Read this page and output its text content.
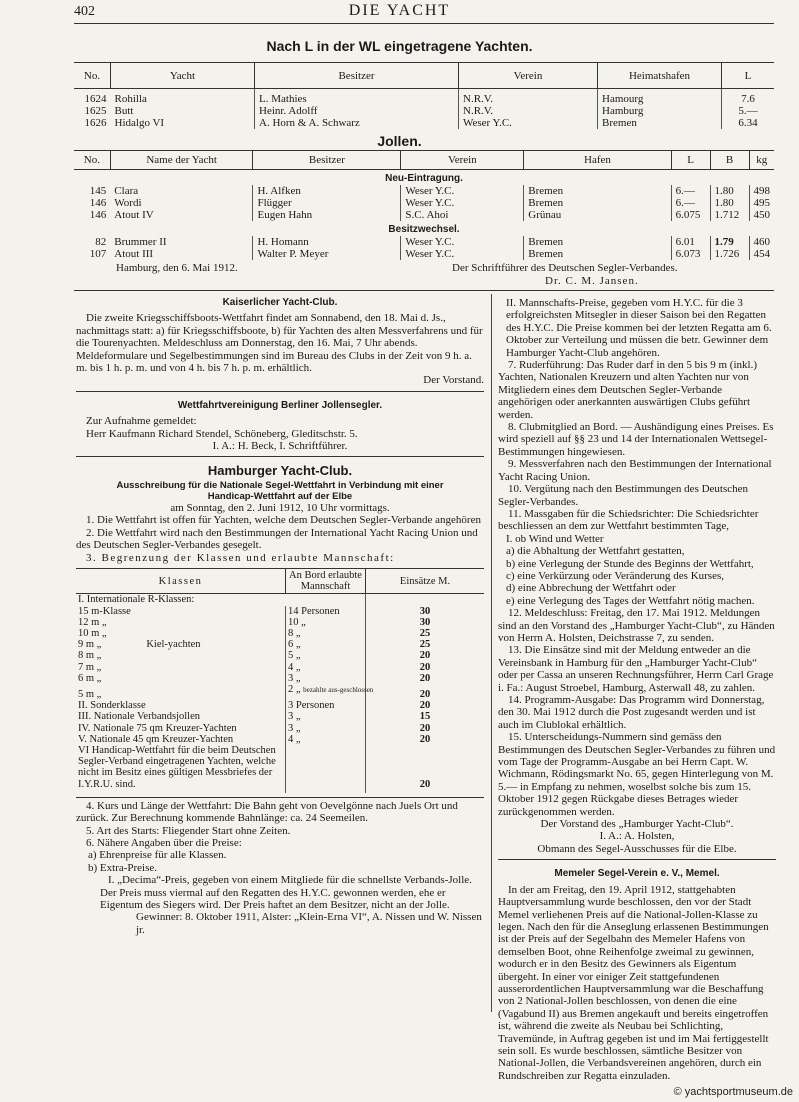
402	DIE YACHT
Nach L in der WL eingetragene Yachten.
No.	Yacht	Besitzer	Verein	Heimatshafen	L

1624	Rohilla	L. Mathies	N.R.V.	Hamourg	7.6
1625	Butt	Heinr. Adolff	N.R.V.	Hamburg	5.—
1626	Hidalgo VI	A. Horn & A. Schwarz	Weser Y.C.	Bremen	6.34
Jollen.
No.	Name der Yacht	Besitzer	Verein	Hafen	L	B	kg
Neu-Eintragung.							
145	Clara	H. Alfken	Weser Y.C.	Bremen	6.—	1.80	498
146	Wordi	Flügger	Weser Y.C.	Bremen	6.—	1.80	495
146	Atout IV	Eugen Hahn	S.C. Ahoi	Grünau	6.075	1.712	450
Besitzwechsel.							
82	Brummer II	H. Homann	Weser Y.C.	Bremen	6.01	1.79	460
107	Atout III	Walter P. Meyer	Weser Y.C.	Bremen	6.073	1.726	454
Hamburg, den 6. Mai 1912.	Der Schriftführer des Deutschen Segler-Verbandes.
Dr. C. M. Jansen.
Kaiserlicher Yacht-Club.

Die zweite Kriegsschiffsboots-Wettfahrt findet am Sonnabend, den 18. Mai d. Js., nachmittags statt: a) für Kriegsschiffsboote, b) für Yachten des alten Messverfahrens und für die Tourenyachten. Meldeschluss am Donnerstag, den 16. Mai, 7 Uhr abends. Meldeformulare und Segelbestimmungen sind im Bureau des Clubs in der Zeit von 9 h. a. m. bis 1 h. p. m. und von 4 h. bis 7 h. p. m. erhältlich.

Der Vorstand.

Wettfahrtvereinigung Berliner Jollensegler.

Zur Aufnahme gemeldet:

Herr Kaufmann Richard Stendel, Schöneberg, Gleditschstr. 5.

I. A.: H. Beck, I. Schriftführer.

Hamburger Yacht-Club.

Ausschreibung für die Nationale Segel-Wettfahrt in Verbindung mit einer Handicap-Wettfahrt auf der Elbe

am Sonntag, den 2. Juni 1912, 10 Uhr vormittags.

1. Die Wettfahrt ist offen für Yachten, welche dem Deutschen Segler-Verbande angehören

2. Die Wettfahrt wird nach den Bestimmungen der International Yacht Racing Union und des Deutschen Segler-Verbandes gesegelt.

3. Begrenzung der Klassen und erlaubte Mannschaft:

Klassen	An Bord erlaubte Mannschaft	Einsätze M.
I. Internationale R-Klassen:		
15 m-Klasse	14 Personen	30
12 m „	10 „	30
10 m „	8 „	25
9 m „ Kiel-yachten	6 „	25
8 m „	5 „	20
7 m „	4 „	20
6 m „	3 „	20
5 m „	2 „ bezahlte aus-geschlossen	20
II. Sonderklasse	3 Personen	20
III. Nationale Verbandsjollen	3 „	15
IV. Nationale 75 qm Kreuzer-Yachten	3 „	20
V. Nationale 45 qm Kreuzer-Yachten	4 „	20
VI Handicap-Wettfahrt für die beim Deutschen Segler-Verband eingetragenen Yachten, welche nicht im Besitz eines gültigen Messbriefes der I.Y.R.U. sind.		20

4. Kurs und Länge der Wettfahrt: Die Bahn geht von Oevelgönne nach Juels Ort und zurück. Zur Berechnung kommende Bahnlänge: ca. 24 Seemeilen.

5. Art des Starts: Fliegender Start ohne Zeiten.

6. Nähere Angaben über die Preise:

a) Ehrenpreise für alle Klassen.

b) Extra-Preise.

I. „Decima“-Preis, gegeben von einem Mitgliede für die schnellste Verbands-Jolle. Der Preis muss viermal auf den Regatten des H.Y.C. gewonnen werden, ehe er Eigentum des Siegers wird. Der Preis haftet an dem Besitzer, nicht an der Jolle.

Gewinner: 8. Oktober 1911, Alster: „Klein-Erna VI“, A. Nissen und W. Nissen jr.

II. Mannschafts-Preise, gegeben vom H.Y.C. für die 3 erfolgreichsten Mitsegler in dieser Saison bei den Regatten des H.Y.C. Die Preise kommen bei der letzten Regatta am 6. Oktober zur Verteilung und müssen die betr. Gewinner dem Hamburger Yacht-Club angehören.

7. Ruderführung: Das Ruder darf in den 5 bis 9 m (inkl.) Yachten, Nationalen Kreuzern und alten Yachten nur von Mitgliedern eines dem Deutschen Segler-Verbande angehörigen oder anerkannten auswärtigen Clubs geführt werden.

8. Clubmitglied an Bord. — Aushändigung eines Preises. Es wird speziell auf §§ 23 und 14 der Internationalen Wettsegel-Bestimmungen hingewiesen.

9. Messverfahren nach den Bestimmungen der International Yacht Racing Union.

10. Vergütung nach den Bestimmungen des Deutschen Segler-Verbandes.

11. Massgaben für die Schiedsrichter: Die Schiedsrichter beschliessen an dem zur Wettfahrt bestimmten Tage,

I. ob Wind und Wetter

a) die Abhaltung der Wettfahrt gestatten,

b) eine Verlegung der Stunde des Beginns der Wettfahrt,

c) eine Verkürzung oder Veränderung des Kurses,

d) eine Abbrechung der Wettfahrt oder

e) eine Verlegung des Tages der Wettfahrt nötig machen.

12. Meldeschluss: Freitag, den 17. Mai 1912. Meldungen sind an den Vorstand des „Hamburger Yacht-Club“, zu Händen von Herrn A. Holsten, Deichstrasse 7, zu senden.

13. Die Einsätze sind mit der Meldung entweder an die Vereinsbank in Hamburg für den „Hamburger Yacht-Club“ oder per Cassa an unseren Rechnungsführer, Herrn Carl Grage i. Fa.: August Stroebel, Hamburg, Asterwall 48, zu zahlen.

14. Programm-Ausgabe: Das Programm wird Donnerstag, den 30. Mai 1912 durch die Post zugesandt werden und ist auch im Clublokal erhältlich.

15. Unterscheidungs-Nummern sind gemäss den Bestimmungen des Deutschen Segler-Verbandes zu führen und vom Tage der Programm-Ausgabe an bei Herrn Capt. W. Wichmann, Rödingsmarkt No. 65, gegen Hinterlegung von M. 5.— in Empfang zu nehmen, woselbst solche bis zum 15. Oktober 1912 gegen Rückgabe dieses Betrages wieder zurückgenommen werden.

Der Vorstand des „Hamburger Yacht-Club“.

I. A.: A. Holsten,

Obmann des Segel-Ausschusses für die Elbe.

Memeler Segel-Verein e. V., Memel.

In der am Freitag, den 19. April 1912, stattgehabten Hauptversammlung wurde beschlossen, den vor der Stadt Memel verliehenen Preis auf die National-Jollen-Klasse zu legen. Nach den für die Anseglung erlassenen Bestimmungen ist der Preis auf der Segelbahn des Memeler Hafens von demselben Boot, ohne Reihenfolge zweimal zu gewinnen, wodurch er in den Besitz des Gewinners als Eigentum übergeht. In einer vor einiger Zeit stattgefundenen ausserordentlichen Hauptversammlung war die Beschaffung von 2 National-Jollen beschlossen, von denen die eine (Vagabund II) aus Bremen angekauft und bereits eingetroffen ist, während die zweite als Neubau bei Schlichting, Travemünde, in Auftrag gegeben ist und im Mai fertiggestellt sein soll. Es wurde beschlossen, sämtliche Besitzer von National-Jollen, die Verbandsvereinen angehören, durch ein Rundschreiben zur Regatta einzuladen.

© yachtsportmuseum.de
